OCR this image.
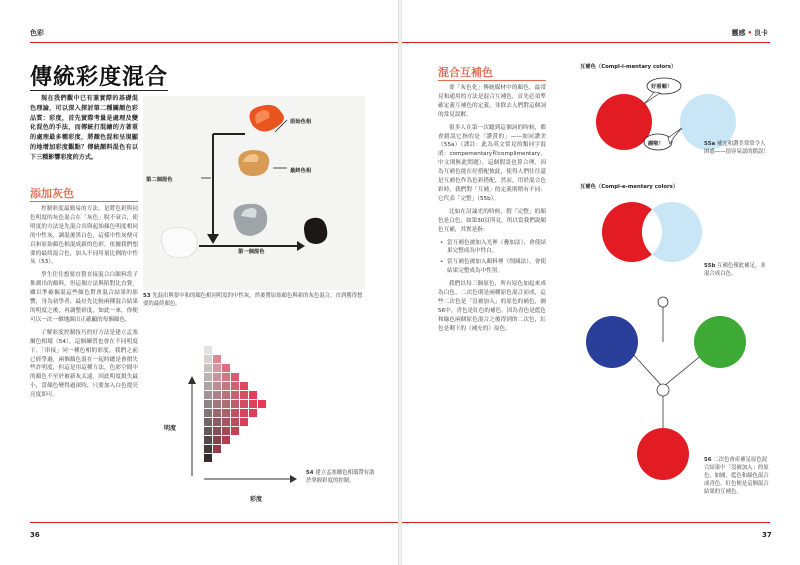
色彩
傳統彩度混合

現在我們觀中已有兼實際的基礎混色理論，可以深入探討第二種關顏色彩品質：彩度，首先實際考量是處理及變化混色的手法，而傳統打混繪的方著重的處理最多種彩度，將顏色混和呈現顯的地增加彩度觀點？傳統顏料混色有以下三種影響彩度的方式。

添加灰色

控制彩度最簡易的方法，是將色彩與同色明度的灰色混合在「灰色」脫不衰合，使明度的方法是先混合出與起始顏色明度相同的中性灰，調混後黑白色，這樣中性灰便可以和原始顏色相混成新的色彩，依據我們想要的最終混合色，加入不同用量比例的中性灰（53）。

學生往往想要直覺直接混合白顏料當子推測出的顏料，但這個方法與陷對比直覺，雖以準確掘混這些顏色對會混合結果的影響，身為初學者，最好先比較兩種混合結果的明度之後，再調整彩度，如此一來，你便可以一次一個地調出正確顯的每個顏色。

了解彩度控制技巧的好方法是建立孟塞爾色相環（54），這個練習也會在不同明度下，「串接」同一種色相的彩度，我們之前已經學過，兩個顏色混在一起時總是會損失些許明度，但這是用這種方法，色彩空間中的顏色不至於被新灰太遠，因此明度損失最小，當顏色變得過深時，只要加入白色提亮亮度即可。

原始色相
第二個混色
最終色相
第一個混色
53 先混出與要中和的顏色相同明度的中性灰，然後將原始顏色與新的灰色混合，直到獲得想要的最終顏色。
明度
彩度
54 建立孟塞爾色相環帶有助於掌握彩度的控制。
36
靈感 • 良卡
混合互補色

要「灰色化」傳統媒材中的顏色，最常見和通用的方法是混合互補色，首先必須準確定義互補色的定義，並除去人們對這個詞的常見誤解。

很多人在第一次聽到這個詞的時候，都會錯誤它指的是「讚賞的」——如同讚美（55a）（譯註：此為英文常見的類同字混淆：compementary和complimentary，中文則無此問題），這個假設也算合理，因為互補色能在好搭配彼此，使得人們往往還是互補色作為色彩搭配，然而，用於混合色彩時，我們對「互補」的定義則稍有不同：它代表「完整」（55b）。

比如在討論光的時候，假「完整」的顏色是白色，如第30頁所見，所以當我們說顏色互補，其實是指：

• 當互補色被加入光裡（疊加法），會使結果完整成為中性白。
• 當互補色被加入顏料裡（削減法），會使結果完整成為中性黑。

我們以每三個原色，所有原色加起來成為白色，二次色則是兩種原色混合而成，這些二次色是「沒被加入」的原色的補色，圖56中，青色是紅色的補色，因為青色是藍色和綠色兩個原色混合之後得到的二次色，紅色是剩下的（補充的）原色。

互補色（Compl-i-mentary colors）
好看喔！
謝啦！	55a 補充和讚美常常令人困惑——很容易認的錯誤！
互補色（Compl-e-mentary colors）
55b 互補色僅此補足，並混合成白色。
56 二次色會產補足原色混合結果中「沒被加入」的原色，如圖，藍色和綠色混合成青色，紅色便是這個混合結果的互補色。
37
